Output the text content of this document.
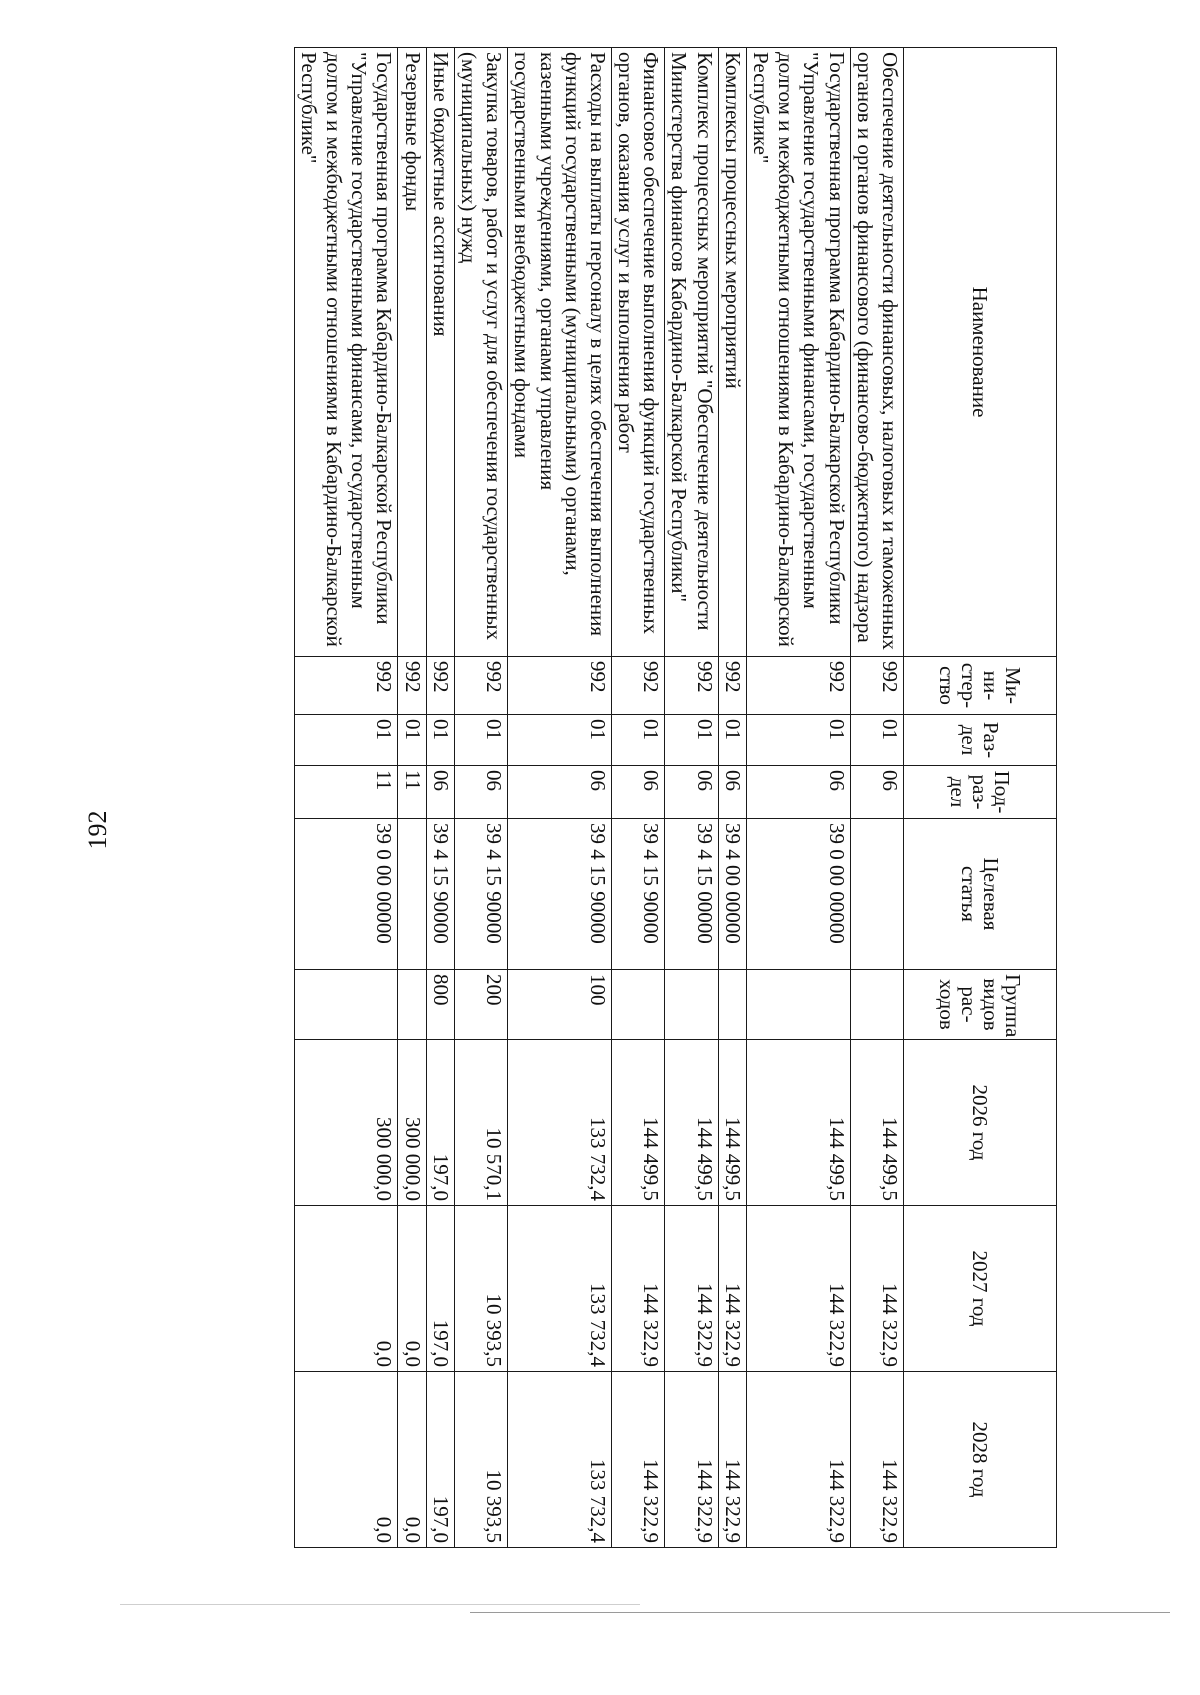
192
Наименование	Ми-
ни-
стер-
ство	Раз-
дел	Под-
раз-
дел	Целевая
статья	Группа
видов
рас-
ходов	2026 год	2027 год	2028 год
Обеспечение деятельности финансовых, налоговых и таможенных органов и органов финансового (финансово-бюджетного) надзора	992	01	06			144 499,5	144 322,9	144 322,9
Государственная программа Кабардино-Балкарской Республики "Управление государственными финансами, государственным долгом и межбюджетными отношениями в Кабардино-Балкарской Республике"	992	01	06	39 0 00 00000		144 499,5	144 322,9	144 322,9
Комплексы процессных мероприятий	992	01	06	39 4 00 00000		144 499,5	144 322,9	144 322,9
Комплекс процессных мероприятий "Обеспечение деятельности Министерства финансов Кабардино-Балкарской Республики"	992	01	06	39 4 15 00000		144 499,5	144 322,9	144 322,9
Финансовое обеспечение выполнения функций государственных органов, оказания услуг и выполнения работ	992	01	06	39 4 15 90000		144 499,5	144 322,9	144 322,9
Расходы на выплаты персоналу в целях обеспечения выполнения функций государственными (муниципальными) органами, казенными учреждениями, органами управления государственными внебюджетными фондами	992	01	06	39 4 15 90000	100	133 732,4	133 732,4	133 732,4
Закупка товаров, работ и услуг для обеспечения государственных (муниципальных) нужд	992	01	06	39 4 15 90000	200	10 570,1	10 393,5	10 393,5
Иные бюджетные ассигнования	992	01	06	39 4 15 90000	800	197,0	197,0	197,0
Резервные фонды	992	01	11			300 000,0	0,0	0,0
Государственная программа Кабардино-Балкарской Республики "Управление государственными финансами, государственным долгом и межбюджетными отношениями в Кабардино-Балкарской Республике"	992	01	11	39 0 00 00000		300 000,0	0,0	0,0
